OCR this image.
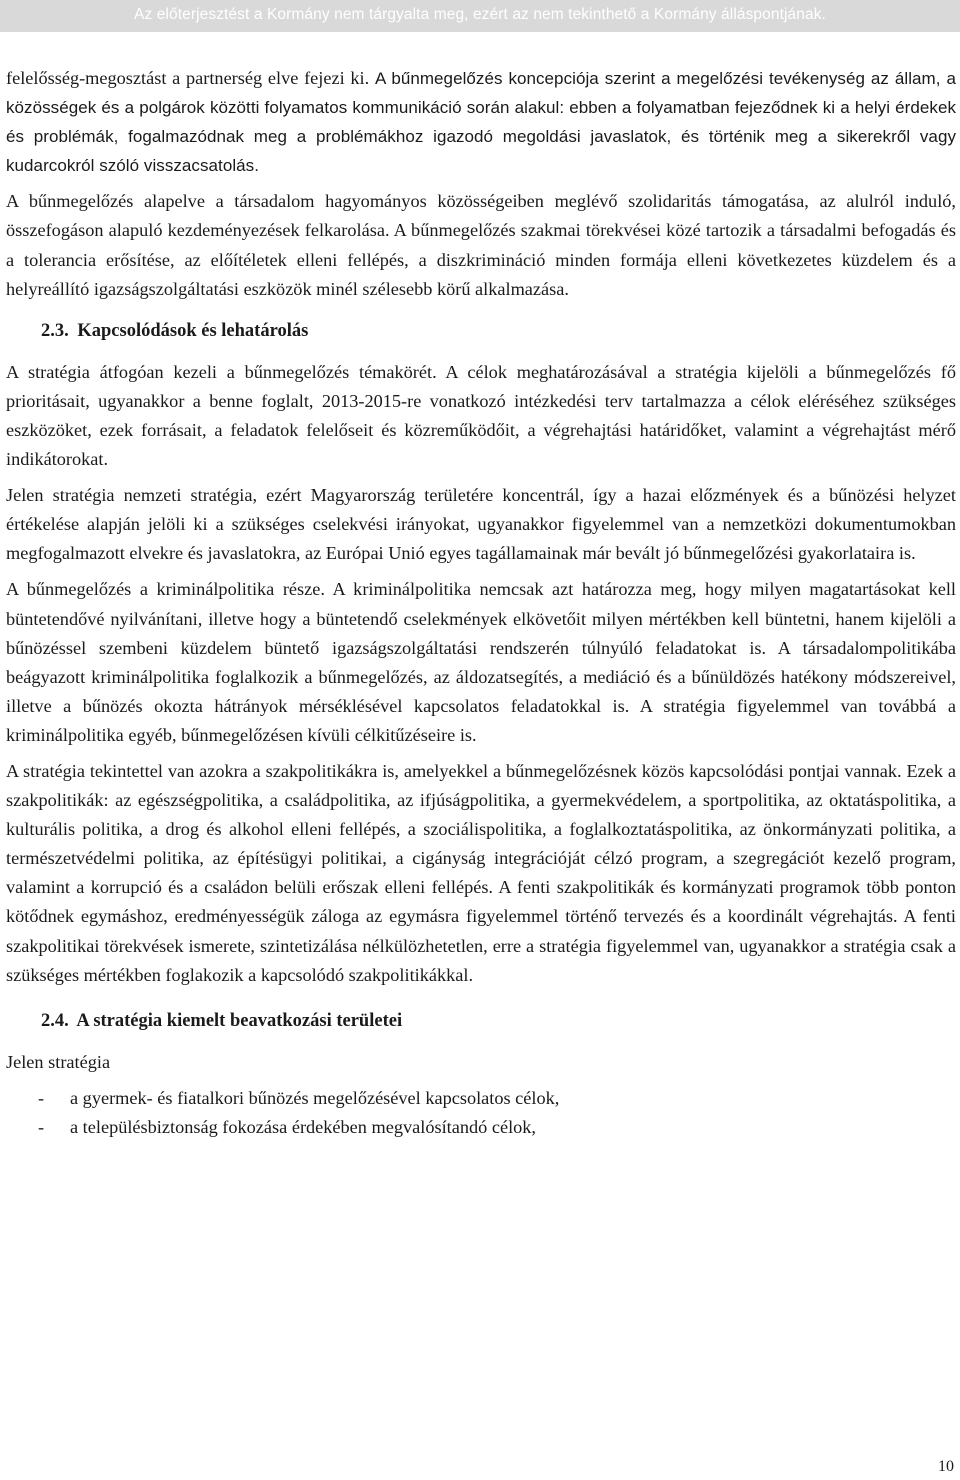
Az előterjesztést a Kormány nem tárgyalta meg, ezért az nem tekinthető a Kormány álláspontjának.

felelősség-megosztást a partnerség elve fejezi ki. A bűnmegelőzés koncepciója szerint a megelőzési tevékenység az állam, a közösségek és a polgárok közötti folyamatos kommunikáció során alakul: ebben a folyamatban fejeződnek ki a helyi érdekek és problémák, fogalmazódnak meg a problémákhoz igazodó megoldási javaslatok, és történik meg a sikerekről vagy kudarcokról szóló visszacsatolás.

A bűnmegelőzés alapelve a társadalom hagyományos közösségeiben meglévő szolidaritás támogatása, az alulról induló, összefogáson alapuló kezdeményezések felkarolása. A bűnmegelőzés szakmai törekvései közé tartozik a társadalmi befogadás és a tolerancia erősítése, az előítéletek elleni fellépés, a diszkrimináció minden formája elleni következetes küzdelem és a helyreállító igazságszolgáltatási eszközök minél szélesebb körű alkalmazása.

2.3. Kapcsolódások és lehatárolás

A stratégia átfogóan kezeli a bűnmegelőzés témakörét. A célok meghatározásával a stratégia kijelöli a bűnmegelőzés fő prioritásait, ugyanakkor a benne foglalt, 2013-2015-re vonatkozó intézkedési terv tartalmazza a célok eléréséhez szükséges eszközöket, ezek forrásait, a feladatok felelőseit és közreműködőit, a végrehajtási határidőket, valamint a végrehajtást mérő indikátorokat.

Jelen stratégia nemzeti stratégia, ezért Magyarország területére koncentrál, így a hazai előzmények és a bűnözési helyzet értékelése alapján jelöli ki a szükséges cselekvési irányokat, ugyanakkor figyelemmel van a nemzetközi dokumentumokban megfogalmazott elvekre és javaslatokra, az Európai Unió egyes tagállamainak már bevált jó bűnmegelőzési gyakorlataira is.

A bűnmegelőzés a kriminálpolitika része. A kriminálpolitika nemcsak azt határozza meg, hogy milyen magatartásokat kell büntetendővé nyilvánítani, illetve hogy a büntetendő cselekmények elkövetőit milyen mértékben kell büntetni, hanem kijelöli a bűnözéssel szembeni küzdelem büntető igazságszolgáltatási rendszerén túlnyúló feladatokat is. A társadalompolitikába beágyazott kriminálpolitika foglalkozik a bűnmegelőzés, az áldozatsegítés, a mediáció és a bűnüldözés hatékony módszereivel, illetve a bűnözés okozta hátrányok mérséklésével kapcsolatos feladatokkal is. A stratégia figyelemmel van továbbá a kriminálpolitika egyéb, bűnmegelőzésen kívüli célkitűzéseire is.

A stratégia tekintettel van azokra a szakpolitikákra is, amelyekkel a bűnmegelőzésnek közös kapcsolódási pontjai vannak. Ezek a szakpolitikák: az egészségpolitika, a családpolitika, az ifjúságpolitika, a gyermekvédelem, a sportpolitika, az oktatáspolitika, a kulturális politika, a drog és alkohol elleni fellépés, a szociálispolitika, a foglalkoztatáspolitika, az önkormányzati politika, a természetvédelmi politika, az építésügyi politikai, a cigányság integrációját célzó program, a szegregációt kezelő program, valamint a korrupció és a családon belüli erőszak elleni fellépés. A fenti szakpolitikák és kormányzati programok több ponton kötődnek egymáshoz, eredményességük záloga az egymásra figyelemmel történő tervezés és a koordinált végrehajtás. A fenti szakpolitikai törekvések ismerete, szintetizálása nélkülözhetetlen, erre a stratégia figyelemmel van, ugyanakkor a stratégia csak a szükséges mértékben foglakozik a kapcsolódó szakpolitikákkal.

2.4. A stratégia kiemelt beavatkozási területei

Jelen stratégia

- a gyermek- és fiatalkori bűnözés megelőzésével kapcsolatos célok,
- a településbiztonság fokozása érdekében megvalósítandó célok,
10
